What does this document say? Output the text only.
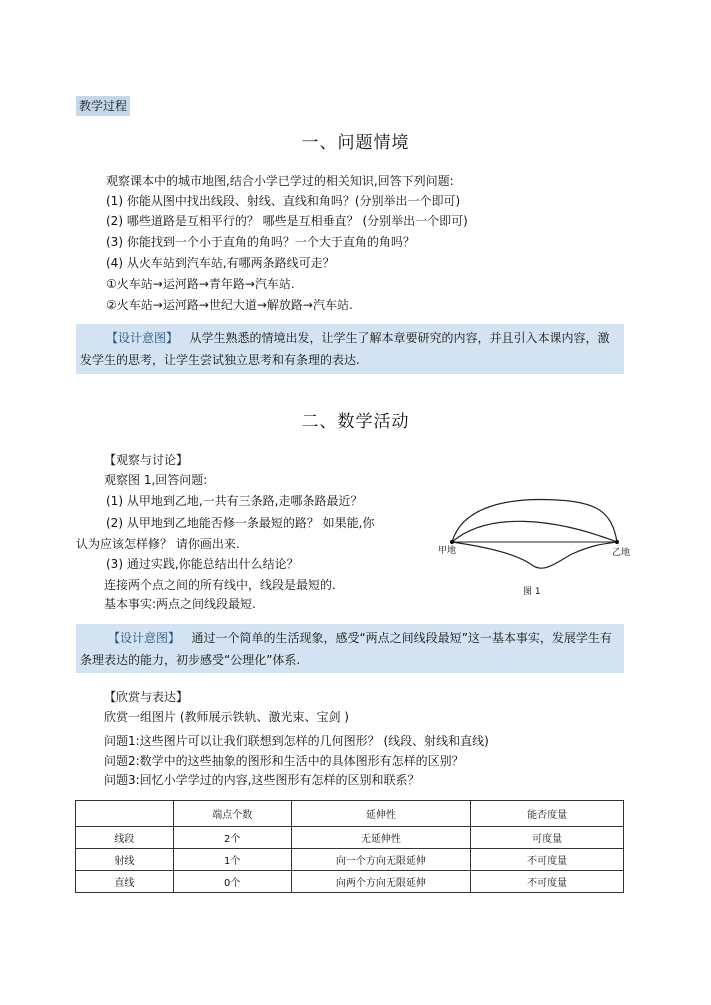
教学过程
一、问题情境
观察课本中的城市地图,结合小学已学过的相关知识,回答下列问题:
(1) 你能从图中找出线段、射线、直线和角吗？(分别举出一个即可)
(2) 哪些道路是互相平行的？ 哪些是互相垂直？ (分别举出一个即可)
(3) 你能找到一个小于直角的角吗？一个大于直角的角吗？
(4) 从火车站到汽车站,有哪两条路线可走？
①火车站→运河路→青年路→汽车站.
②火车站→运河路→世纪大道→解放路→汽车站.
【设计意图】 从学生熟悉的情境出发，让学生了解本章要研究的内容，并且引入本课内容，激发学生的思考，让学生尝试独立思考和有条理的表达.
二、数学活动
【观察与讨论】
观察图 1,回答问题:
(1) 从甲地到乙地,一共有三条路,走哪条路最近？
(2) 从甲地到乙地能否修一条最短的路？ 如果能,你
认为应该怎样修？ 请你画出来.
(3) 通过实践,你能总结出什么结论？
连接两个点之间的所有线中，线段是最短的.
基本事实:两点之间线段最短.
甲地	乙地
图 1
【设计意图】 通过一个简单的生活现象，感受“两点之间线段最短”这一基本事实，发展学生有条理表达的能力，初步感受“公理化”体系.
【欣赏与表达】
欣赏一组图片 (教师展示铁轨、激光束、宝剑 )
问题1:这些图片可以让我们联想到怎样的几何图形？ (线段、射线和直线)
问题2:数学中的这些抽象的图形和生活中的具体图形有怎样的区别？
问题3:回忆小学学过的内容,这些图形有怎样的区别和联系？
	端点个数	延伸性	能否度量
线段	2个	无延伸性	可度量
射线	1个	向一个方向无限延伸	不可度量
直线	0个	向两个方向无限延伸	不可度量
